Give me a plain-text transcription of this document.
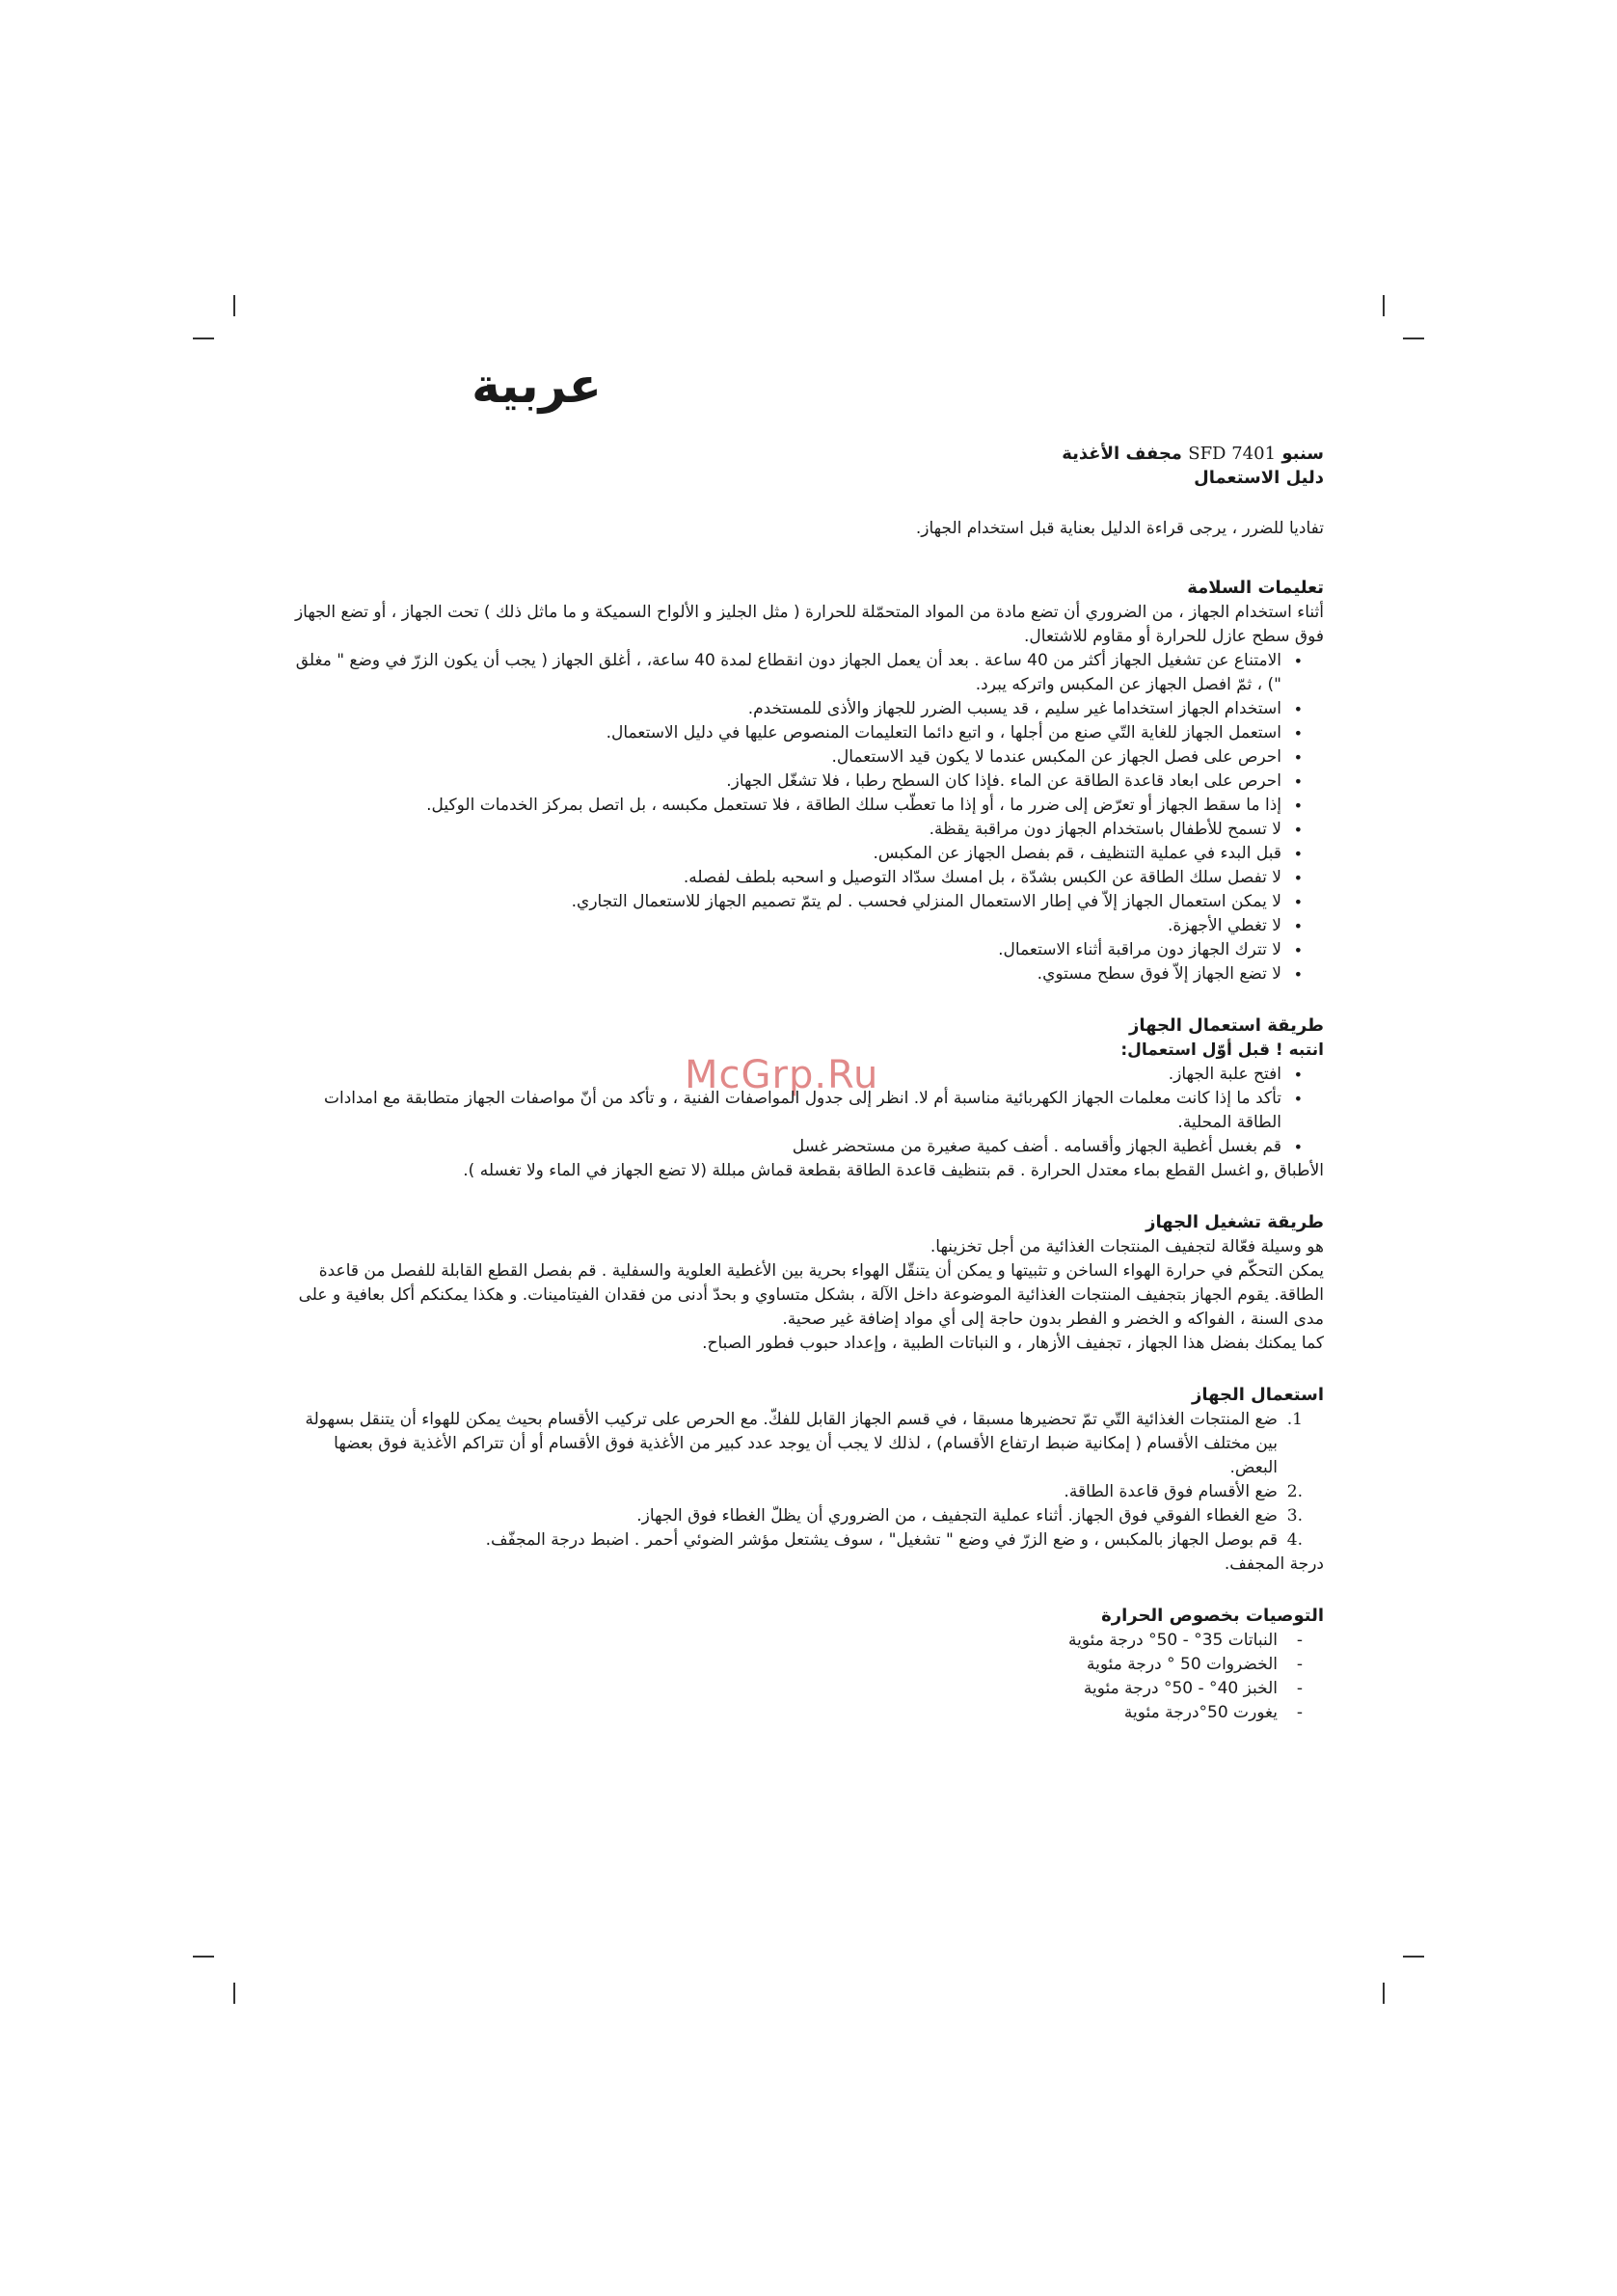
McGrp.Ru
عربية

سنبو SFD 7401 مجفف الأغذية

دليل الاستعمال

تفاديا للضرر ، يرجى قراءة الدليل بعناية قبل استخدام الجهاز.

تعليمات السلامة

أثناء استخدام الجهاز ، من الضروري أن تضع مادة من المواد المتحمّلة للحرارة ( مثل الجليز و الألواح السميكة و ما ماثل ذلك ) تحت الجهاز ، أو تضع الجهاز فوق سطح عازل للحرارة أو مقاوم للاشتعال.

• الامتناع عن تشغيل الجهاز أكثر من 40 ساعة . بعد أن يعمل الجهاز دون انقطاع لمدة 40 ساعة، ، أغلق الجهاز ( يجب أن يكون الزرّ في وضع " مغلق ") ، ثمّ افصل الجهاز عن المكبس واتركه يبرد.
• استخدام الجهاز استخداما غير سليم ، قد يسبب الضرر للجهاز والأذى للمستخدم.
• استعمل الجهاز للغاية التّي صنع من أجلها ، و اتبع دائما التعليمات المنصوص عليها في دليل الاستعمال.
• احرص على فصل الجهاز عن المكبس عندما لا يكون قيد الاستعمال.
• احرص على ابعاد قاعدة الطاقة عن الماء .فإذا كان السطح رطبا ، فلا تشغّل الجهاز.
• إذا ما سقط الجهاز أو تعرّض إلى ضرر ما ، أو إذا ما تعطّب سلك الطاقة ، فلا تستعمل مكبسه ، بل اتصل بمركز الخدمات الوكيل.
• لا تسمح للأطفال باستخدام الجهاز دون مراقبة يقظة.
• قبل البدء في عملية التنظيف ، قم بفصل الجهاز عن المكبس.
• لا تفصل سلك الطاقة عن الكبس بشدّة ، بل امسك سدّاد التوصيل و اسحبه بلطف لفصله.
• لا يمكن استعمال الجهاز إلاّ في إطار الاستعمال المنزلي فحسب . لم يتمّ تصميم الجهاز للاستعمال التجاري.
• لا تغطي الأجهزة.
• لا تترك الجهاز دون مراقبة أثناء الاستعمال.
• لا تضع الجهاز إلاّ فوق سطح مستوي.
طريقة استعمال الجهاز
انتبه ! قبل أوّل استعمال:
• افتح علبة الجهاز.
• تأكد ما إذا كانت معلمات الجهاز الكهربائية مناسبة أم لا. انظر إلى جدول المواصفات الفنية ، و تأكد من أنّ مواصفات الجهاز متطابقة مع امدادات الطاقة المحلية.
• قم بغسل أغطية الجهاز وأقسامه . أضف كمية صغيرة من مستحضر غسل

الأطباق ,و اغسل القطع بماء معتدل الحرارة . قم بتنظيف قاعدة الطاقة بقطعة قماش مبللة (لا تضع الجهاز في الماء ولا تغسله ).

طريقة تشغيل الجهاز

هو وسيلة فعّالة لتجفيف المنتجات الغذائية من أجل تخزينها.

يمكن التحكّم في حرارة الهواء الساخن و تثبيتها و يمكن أن يتنقّل الهواء بحرية بين الأغطية العلوية والسفلية . قم بفصل القطع القابلة للفصل من قاعدة الطاقة. يقوم الجهاز بتجفيف المنتجات الغذائية الموضوعة داخل الآلة ، بشكل متساوي و بحدّ أدنى من فقدان الفيتامينات. و هكذا يمكنكم أكل بعافية و على مدى السنة ، الفواكه و الخضر و الفطر بدون حاجة إلى أي مواد إضافة غير صحية.

كما يمكنك بفضل هذا الجهاز ، تجفيف الأزهار ، و النباتات الطبية ، وإعداد حبوب فطور الصباح.

استعمال الجهاز
1.
ضع المنتجات الغذائية التّي تمّ تحضيرها مسبقا ، في قسم الجهاز القابل للفكّ. مع الحرص على تركيب الأقسام بحيث يمكن للهواء أن يتنقل بسهولة بين مختلف الأقسام ( إمكانية ضبط ارتفاع الأقسام) ، لذلك لا يجب أن يوجد عدد كبير من الأغذية فوق الأقسام أو أن تتراكم الأغذية فوق بعضها البعض.
.2
ضع الأقسام فوق قاعدة الطاقة.
.3
ضع الغطاء الفوقي فوق الجهاز. أثناء عملية التجفيف ، من الضروري أن يظلّ الغطاء فوق الجهاز.
.4
قم بوصل الجهاز بالمكبس ، و ضع الزرّ في وضع " تشغيل" ، سوف يشتعل مؤشر الضوئي أحمر . اضبط درجة المجفّف.

درجة المجفف.

التوصيات بخصوص الحرارة
- النباتات 35° - 50° درجة مئوية
- الخضروات 50 ° درجة مئوية
- الخبز 40° - 50° درجة مئوية
- يغورت 50°درجة مئوية
